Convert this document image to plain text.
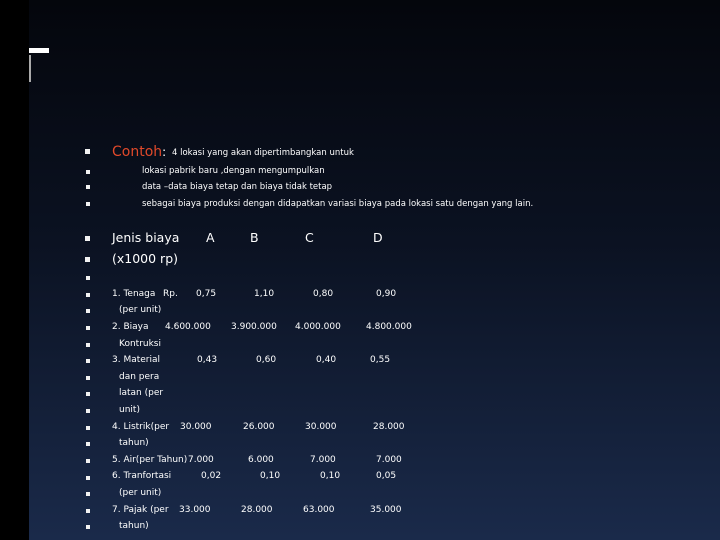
Contoh : 4 lokasi yang akan dipertimbangkan untuk
lokasi pabrik baru ,dengan mengumpulkan
data –data biaya tetap dan biaya tidak tetap
sebagai biaya produksi dengan didapatkan variasi biaya pada lokasi satu dengan yang lain.
Jenis biaya A	B	C	D
(x1000 rp)
1. Tenaga Rp. 0,75	1,10	0,80	0,90
(per unit)
2. Biaya 4.600.000 3.900.000 4.000.000	4.800.000
Kontruksi
3. Material	0,43	0,60	0,40	0,55
dan pera
latan (per
unit)
4. Listrik(per 30.000	26.000	30.000	28.000
tahun)
5. Air(per Tahun) 7.000	6.000	7.000	7.000
6. Tranfortasi	0,02	0,10	0,10	0,05
(per unit)
7. Pajak (per 33.000	28.000	63.000	35.000
tahun)
